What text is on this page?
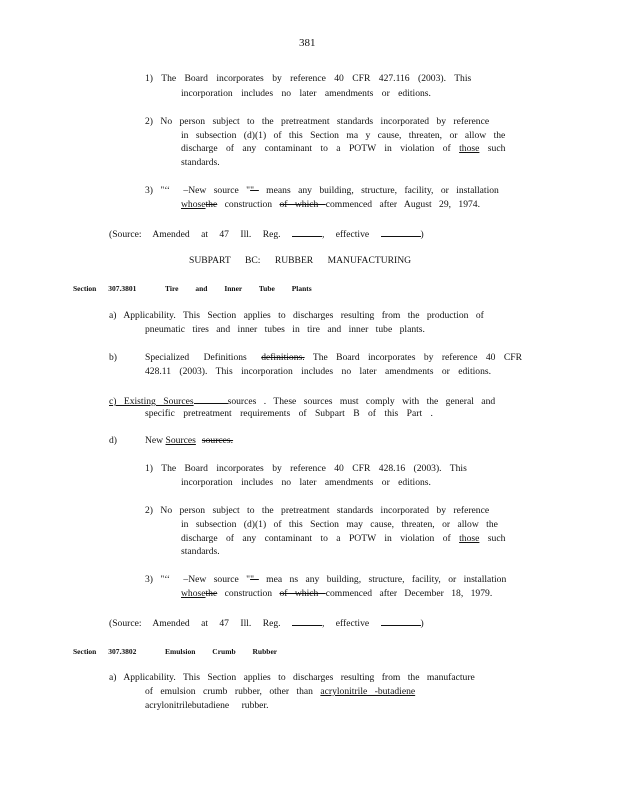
381
1) The Board incorporates by reference 40 CFR 427.116 (2003). This
incorporation includes no later amendments or editions.
2) No person subject to the pretreatment standards incorporated by reference
in subsection (d)(1) of this Section ma y cause, threaten, or allow the
discharge of any contaminant to a POTW in violation of those such
standards.
3) "‘‘ –New source ""– means any building, structure, facility, or installation
whosethe construction of which commenced after August 29, 1974.
(Source: Amended at 47 Ill. Reg.	, effective	)
SUBPART BC: RUBBER MANUFACTURING
Section 307.3801	Tire and Inner Tube Plants
a) Applicability. This Section applies to discharges resulting from the production of
pneumatic tires and inner tubes in tire and inner tube plants.
b)	Specialized Definitions definitions. The Board incorporates by reference 40 CFR
428.11 (2003). This incorporation includes no later amendments or editions.
c) Existing Sources	sources . These sources must comply with the general and
specific pretreatment requirements of Subpart B of this Part .
d)	New Sources sources.
1) The Board incorporates by reference 40 CFR 428.16 (2003). This
incorporation includes no later amendments or editions.
2) No person subject to the pretreatment standards incorporated by reference
in subsection (d)(1) of this Section may cause, threaten, or allow the
discharge of any contaminant to a POTW in violation of those such
standards.
3) "‘‘ –New source ""– mea ns any building, structure, facility, or installation
whosethe construction of which commenced after December 18, 1979.
(Source: Amended at 47 Ill. Reg.	, effective	)
Section 307.3802	Emulsion Crumb Rubber
a) Applicability. This Section applies to discharges resulting from the manufacture
of emulsion crumb rubber, other than acrylonitrile -butadiene
acrylonitrilebutadiene rubber.
